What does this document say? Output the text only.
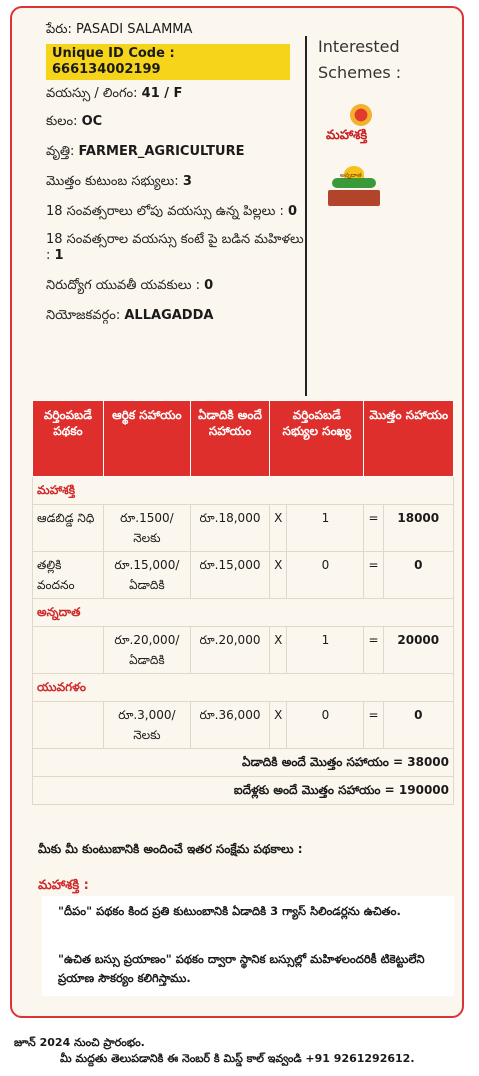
పేరు: PASADI SALAMMA
Unique ID Code :
666134002199
వయస్సు / లింగం: 41 / F
కులం: OC
వృత్తి: FARMER_AGRICULTURE
మొత్తం కుటుంబ సభ్యులు: 3
18 సంవత్సరాలు లోపు వయస్సు ఉన్న పిల్లలు : 0
18 సంవత్సరాల వయస్సు కంటే పై బడిన మహిళలు : 1
నిరుద్యోగ యువతీ యవకులు : 0
నియోజకవర్గం: ALLAGADDA
Interested
Schemes :
మహాశక్తి
అన్నదాత
వర్తింపబడే పథకం	ఆర్థిక సహాయం	ఏడాదికి అందే సహాయం	వర్తింపబడే సభ్యుల సంఖ్య		మొత్తం సహాయం	
మహాశక్తి						
ఆడబిడ్డ నిధి	రూ.1500/ నెలకు	రూ.18,000	X	1	=	18000
తల్లికి వందనం	రూ.15,000/ ఏడాదికి	రూ.15,000	X	0	=	0
అన్నదాత						
	రూ.20,000/ ఏడాదికి	రూ.20,000	X	1	=	20000
యువగళం						
	రూ.3,000/ నెలకు	రూ.36,000	X	0	=	0
ఏడాదికి అందే మొత్తం సహాయం = 38000						
ఐదేళ్లకు అందే మొత్తం సహాయం = 190000						
మీకు మీ కుంటుబానికి అందించే ఇతర సంక్షేమ పథకాలు :
మహాశక్తి :
"దీపం" పథకం కింద ప్రతి కుటుంబానికి ఏడాదికి 3 గ్యాస్ సిలిండర్లను ఉచితం.
"ఉచిత బస్సు ప్రయాణం" పథకం ద్వారా స్థానిక బస్సుల్లో మహిళలందరికీ టికెట్టులేని ప్రయాణ సౌకర్యం కలిగిస్తాము.
జూన్ 2024 నుంచి ప్రారంభం.
మీ మద్దతు తెలుపడానికి ఈ నెంబర్ కి మిస్డ్ కాల్ ఇవ్వండి +91 9261292612.
